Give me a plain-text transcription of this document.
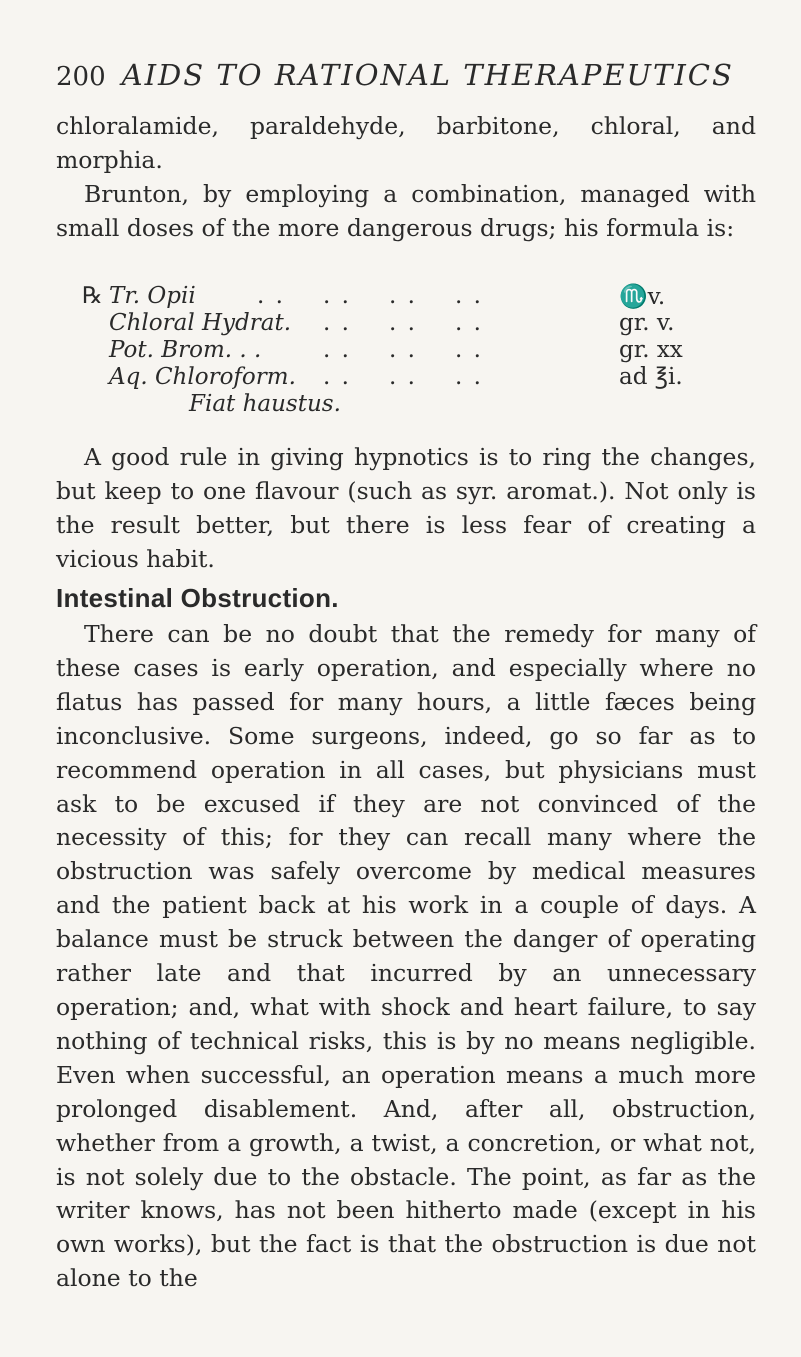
200 AIDS TO RATIONAL THERAPEUTICS

chloralamide, paraldehyde, barbitone, chloral, and morphia.

Brunton, by employing a combination, managed with small doses of the more dangerous drugs; his formula is:

℞ Tr. Opii	. . . . . . . .	♏v.
Chloral Hydrat. . . . . . .	gr. v.
Pot. Brom. . .	. . . . . .	gr. xx
Aq. Chloroform. . . . . . .	ad ℥i.
Fiat haustus.

A good rule in giving hypnotics is to ring the changes, but keep to one flavour (such as syr. aromat.). Not only is the result better, but there is less fear of creating a vicious habit.

Intestinal Obstruction.

There can be no doubt that the remedy for many of these cases is early operation, and especially where no flatus has passed for many hours, a little fæces being inconclusive. Some surgeons, indeed, go so far as to recommend operation in all cases, but physicians must ask to be excused if they are not convinced of the necessity of this; for they can recall many where the obstruction was safely overcome by medical measures and the patient back at his work in a couple of days. A balance must be struck between the danger of operating rather late and that incurred by an unnecessary operation; and, what with shock and heart failure, to say nothing of technical risks, this is by no means negligible. Even when successful, an operation means a much more prolonged disablement. And, after all, obstruction, whether from a growth, a twist, a concretion, or what not, is not solely due to the obstacle. The point, as far as the writer knows, has not been hitherto made (except in his own works), but the fact is that the obstruction is due not alone to the
